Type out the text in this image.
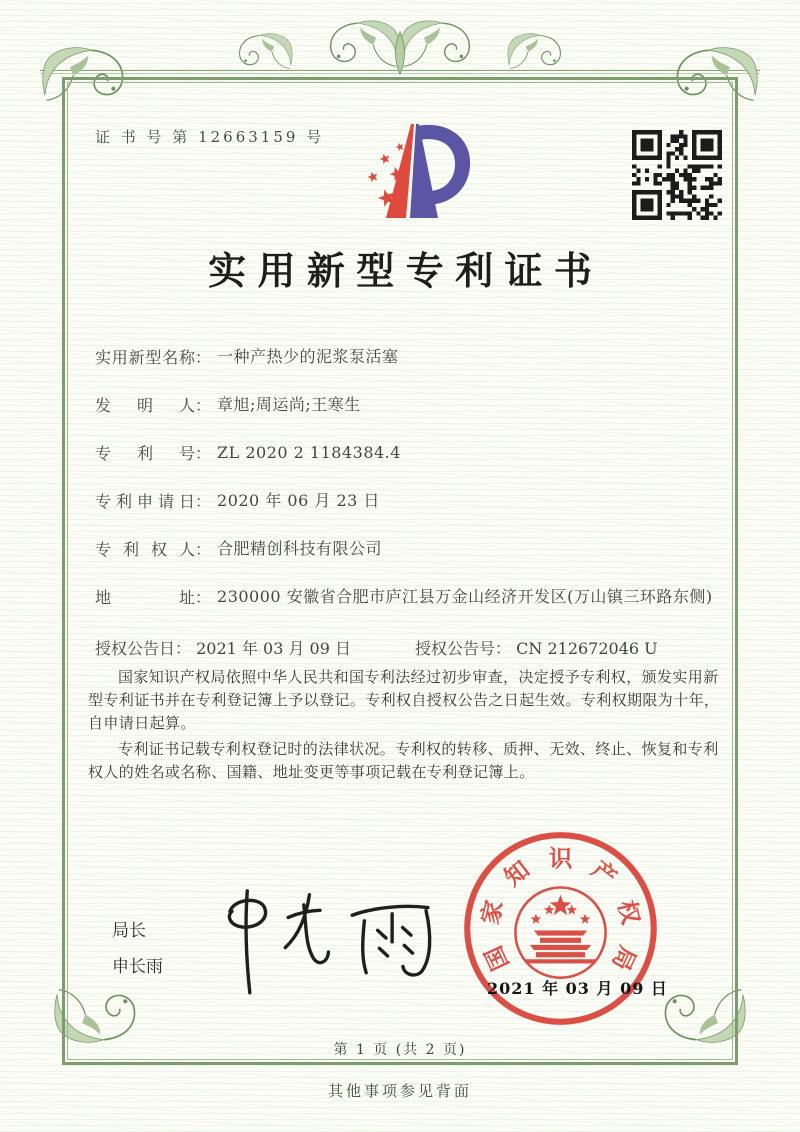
证 书 号 第 12663159 号
实用新型专利证书
实用新型名称 ： 一种产热少的泥浆泵活塞
发明人 ： 章旭;周运尚;王寒生
专利号 ： ZL 2020 2 1184384.4
专利申请日 ： 2020 年 06 月 23 日
专利权人 ： 合肥精创科技有限公司
地址 ： 230000 安徽省合肥市庐江县万金山经济开发区(万山镇三环路东侧)
授权公告日： 2021 年 03 月 09 日	授权公告号： CN 212672046 U

国家知识产权局依照中华人民共和国专利法经过初步审查，决定授予专利权，颁发实用新型专利证书并在专利登记簿上予以登记。专利权自授权公告之日起生效。专利权期限为十年，自申请日起算。

专利证书记载专利权登记时的法律状况。专利权的转移、质押、无效、终止、恢复和专利权人的姓名或名称、国籍、地址变更等事项记载在专利登记簿上。

局长
申长雨	国
家
知 识 产
权
局
2021 年 03 月 09 日
第 1 页 (共 2 页)
其他事项参见背面
